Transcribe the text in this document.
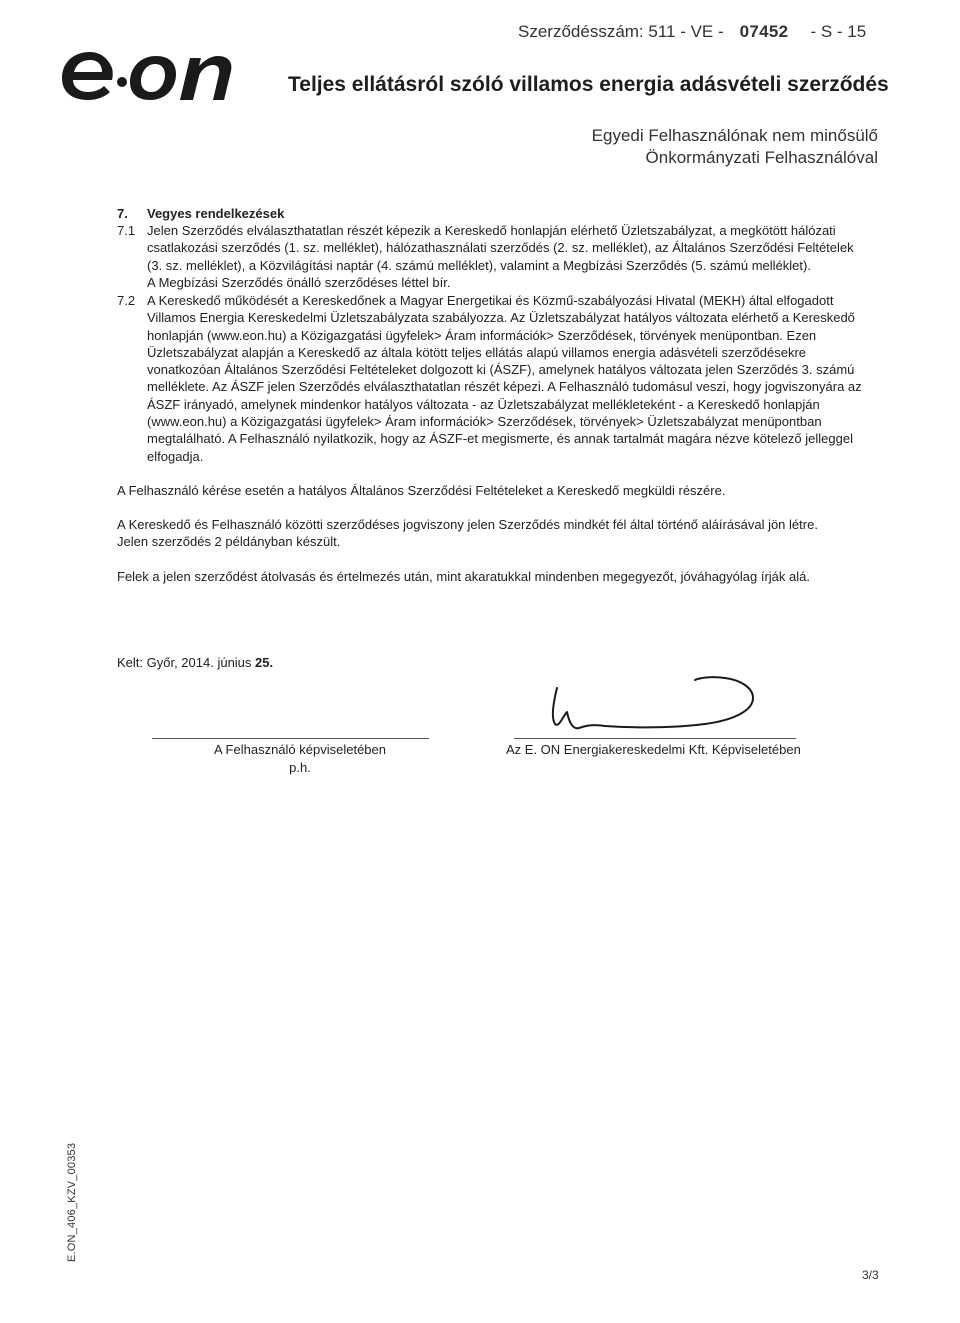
Szerződésszám: 511 - VE - 07452 - S - 15
Teljes ellátásról szóló villamos energia adásvételi szerződés
Egyedi Felhasználónak nem minősülő
Önkormányzati Felhasználóval
7. Vegyes rendelkezések
7.1 Jelen Szerződés elválaszthatatlan részét képezik a Kereskedő honlapján elérhető Üzletszabályzat, a megkötött hálózati csatlakozási szerződés (1. sz. melléklet), hálózathasználati szerződés (2. sz. melléklet), az Általános Szerződési Feltételek (3. sz. melléklet), a Közvilágítási naptár (4. számú melléklet), valamint a Megbízási Szerződés (5. számú melléklet).

A Megbízási Szerződés önálló szerződéses léttel bír.

7.2 A Kereskedő működését a Kereskedőnek a Magyar Energetikai és Közmű-szabályozási Hivatal (MEKH) által elfogadott Villamos Energia Kereskedelmi Üzletszabályzata szabályozza. Az Üzletszabályzat hatályos változata elérhető a Kereskedő honlapján (www.eon.hu) a Közigazgatási ügyfelek> Áram információk> Szerződések, törvények menüpontban. Ezen Üzletszabályzat alapján a Kereskedő az általa kötött teljes ellátás alapú villamos energia adásvételi szerződésekre vonatkozóan Általános Szerződési Feltételeket dolgozott ki (ÁSZF), amelynek hatályos változata jelen Szerződés 3. számú melléklete. Az ÁSZF jelen Szerződés elválaszthatatlan részét képezi. A Felhasználó tudomásul veszi, hogy jogviszonyára az ÁSZF irányadó, amelynek mindenkor hatályos változata - az Üzletszabályzat mellékleteként - a Kereskedő honlapján (www.eon.hu) a Közigazgatási ügyfelek> Áram információk> Szerződések, törvények> Üzletszabályzat menüpontban megtalálható. A Felhasználó nyilatkozik, hogy az ÁSZF-et megismerte, és annak tartalmát magára nézve kötelező jelleggel elfogadja.

A Felhasználó kérése esetén a hatályos Általános Szerződési Feltételeket a Kereskedő megküldi részére.

A Kereskedő és Felhasználó közötti szerződéses jogviszony jelen Szerződés mindkét fél által történő aláírásával jön létre.

Jelen szerződés 2 példányban készült.

Felek a jelen szerződést átolvasás és értelmezés után, mint akaratukkal mindenben megegyezőt, jóváhagyólag írják alá.
Kelt: Győr, 2014. június 25.
A Felhasználó képviseletében
p.h.
Az E. ON Energiakereskedelmi Kft. Képviseletében
E.ON_406_KZV_00353
3/3
